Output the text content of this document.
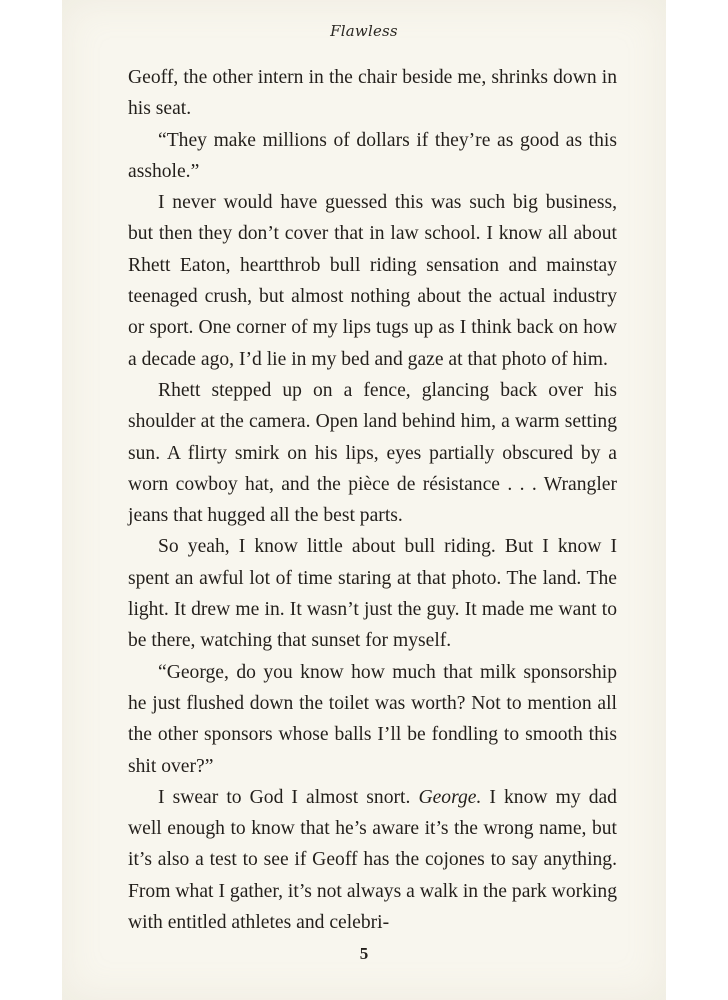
Flawless

Geoff, the other intern in the chair beside me, shrinks down in his seat.

“They make millions of dollars if they’re as good as this asshole.”

I never would have guessed this was such big business, but then they don’t cover that in law school. I know all about Rhett Eaton, heartthrob bull riding sensation and mainstay teenaged crush, but almost nothing about the actual industry or sport. One corner of my lips tugs up as I think back on how a decade ago, I’d lie in my bed and gaze at that photo of him.

Rhett stepped up on a fence, glancing back over his shoulder at the camera. Open land behind him, a warm setting sun. A flirty smirk on his lips, eyes partially obscured by a worn cowboy hat, and the pièce de résistance . . . Wrangler jeans that hugged all the best parts.

So yeah, I know little about bull riding. But I know I spent an awful lot of time staring at that photo. The land. The light. It drew me in. It wasn’t just the guy. It made me want to be there, watching that sunset for myself.

“George, do you know how much that milk sponsorship he just flushed down the toilet was worth? Not to mention all the other sponsors whose balls I’ll be fondling to smooth this shit over?”

I swear to God I almost snort. George. I know my dad well enough to know that he’s aware it’s the wrong name, but it’s also a test to see if Geoff has the cojones to say anything. From what I gather, it’s not always a walk in the park working with entitled athletes and celebri-

5
